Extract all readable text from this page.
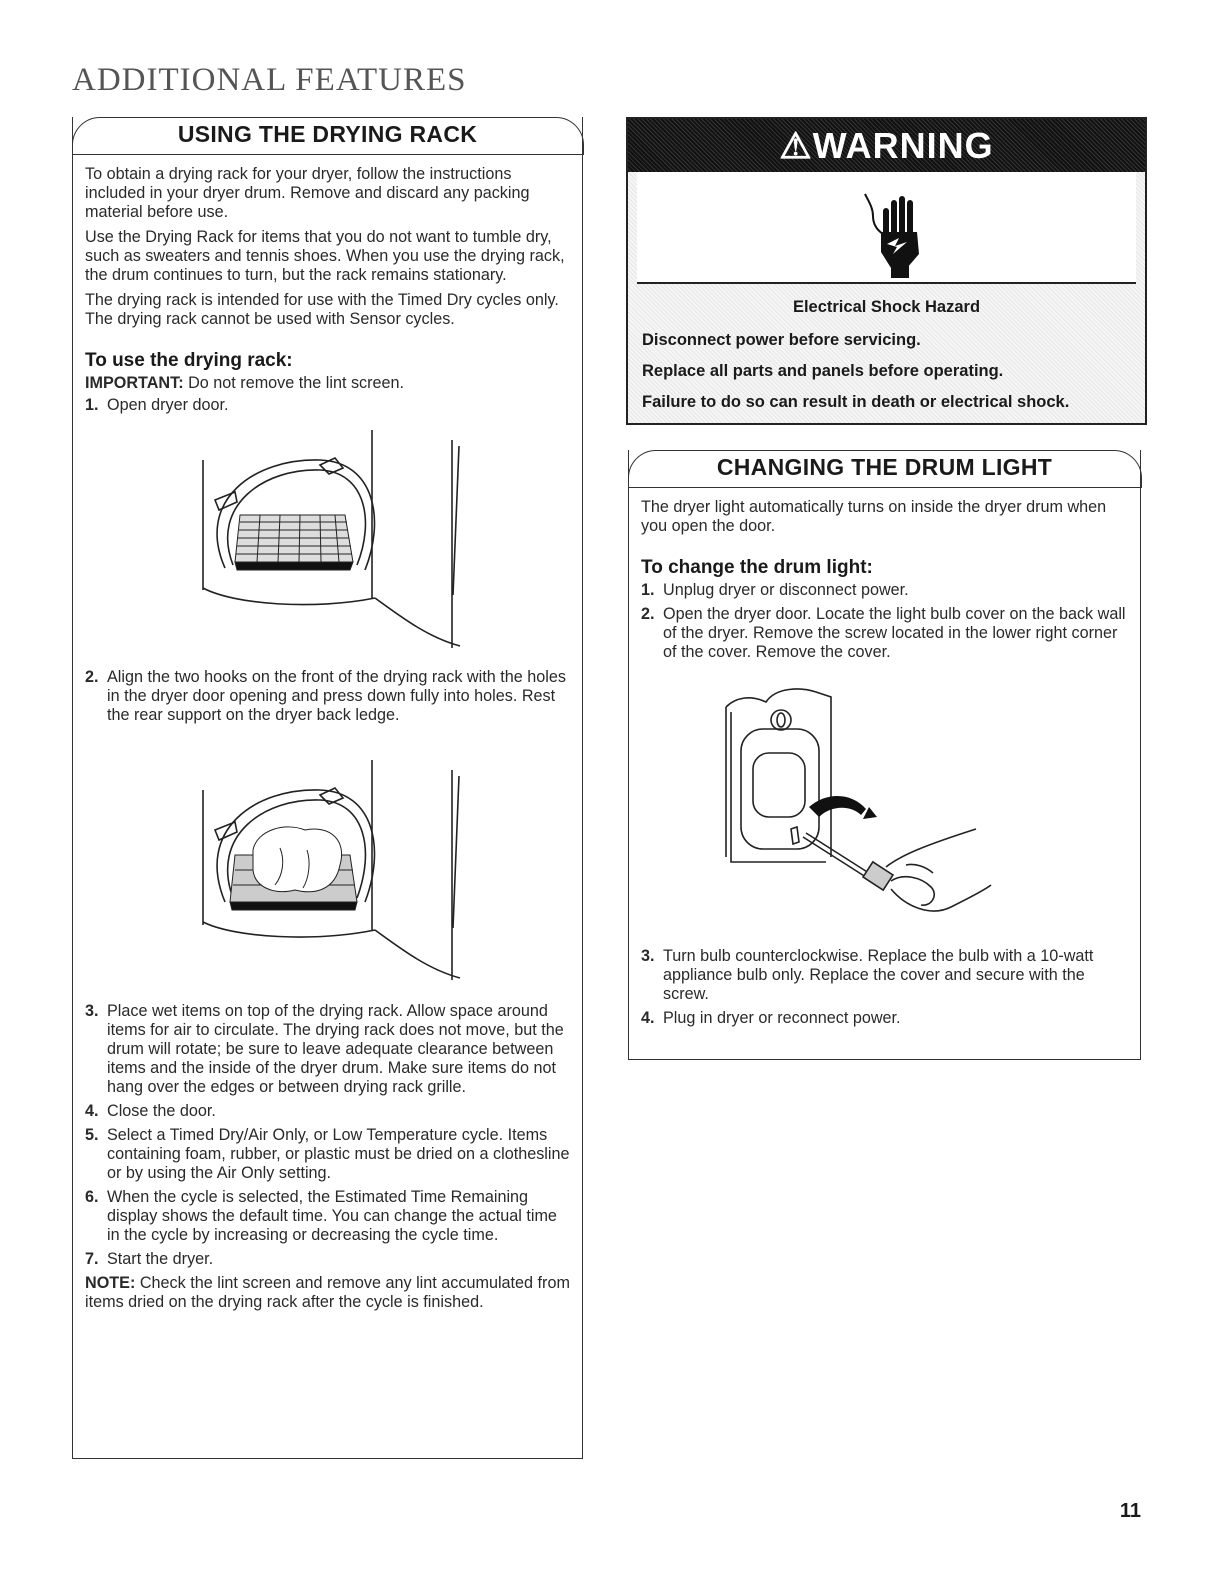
ADDITIONAL FEATURES
USING THE DRYING RACK

To obtain a drying rack for your dryer, follow the instructions included in your dryer drum. Remove and discard any packing material before use.

Use the Drying Rack for items that you do not want to tumble dry, such as sweaters and tennis shoes. When you use the drying rack, the drum continues to turn, but the rack remains stationary.

The drying rack is intended for use with the Timed Dry cycles only. The drying rack cannot be used with Sensor cycles.

To use the drying rack:

IMPORTANT: Do not remove the lint screen.

1. Open dryer door.
2. Align the two hooks on the front of the drying rack with the holes in the dryer door opening and press down fully into holes. Rest the rear support on the dryer back ledge.
3. Place wet items on top of the drying rack. Allow space around items for air to circulate. The drying rack does not move, but the drum will rotate; be sure to leave adequate clearance between items and the inside of the dryer drum. Make sure items do not hang over the edges or between drying rack grille.
4. Close the door.
5. Select a Timed Dry/Air Only, or Low Temperature cycle. Items containing foam, rubber, or plastic must be dried on a clothesline or by using the Air Only setting.
6. When the cycle is selected, the Estimated Time Remaining display shows the default time. You can change the actual time in the cycle by increasing or decreasing the cycle time.
7. Start the dryer.

NOTE: Check the lint screen and remove any lint accumulated from items dried on the drying rack after the cycle is finished.

⚠WARNING
Electrical Shock Hazard
Disconnect power before servicing.
Replace all parts and panels before operating.
Failure to do so can result in death or electrical shock.
CHANGING THE DRUM LIGHT

The dryer light automatically turns on inside the dryer drum when you open the door.

To change the drum light:
1. Unplug dryer or disconnect power.
2. Open the dryer door. Locate the light bulb cover on the back wall of the dryer. Remove the screw located in the lower right corner of the cover. Remove the cover.
3. Turn bulb counterclockwise. Replace the bulb with a 10-watt appliance bulb only. Replace the cover and secure with the screw.
4. Plug in dryer or reconnect power.
11
